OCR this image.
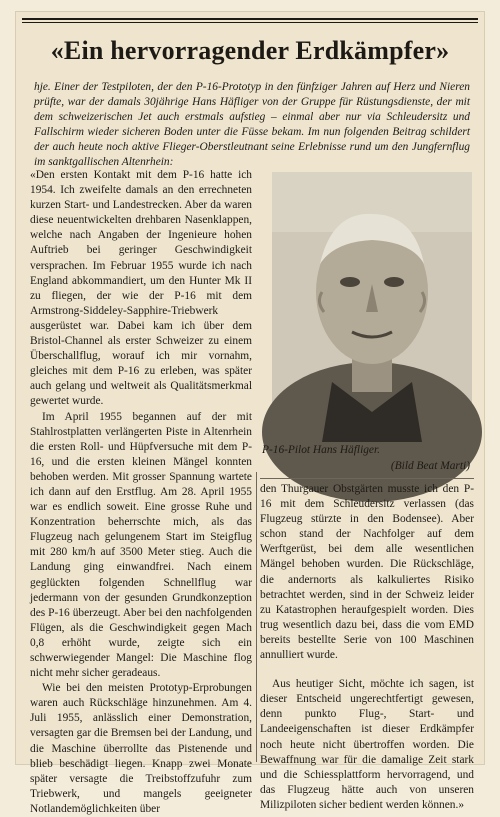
«Ein hervorragender Erdkämpfer»

hje. Einer der Testpiloten, der den P-16-Prototyp in den fünfziger Jahren auf Herz und Nieren prüfte, war der damals 30jährige Hans Häfliger von der Gruppe für Rüstungsdienste, der mit dem schweizerischen Jet auch erstmals aufstieg – einmal aber nur via Schleudersitz und Fallschirm wieder sicheren Boden unter die Füsse bekam. Im nun folgenden Beitrag schildert der auch heute noch aktive Flieger-Oberstleutnant seine Erlebnisse rund um den Jungfernflug im sanktgallischen Altenrhein:

«Den ersten Kontakt mit dem P-16 hatte ich 1954. Ich zweifelte damals an den errechneten kurzen Start- und Landestrecken. Aber da waren diese neuentwickelten drehbaren Nasenklappen, welche nach Angaben der Ingenieure hohen Auftrieb bei geringer Geschwindigkeit versprachen. Im Februar 1955 wurde ich nach England abkommandiert, um den Hunter Mk II zu fliegen, der wie der P-16 mit dem Armstrong-Siddeley-Sapphire-Triebwerk ausgerüstet war. Dabei kam ich über dem Bristol-Channel als erster Schweizer zu einem Überschallflug, worauf ich mir vornahm, gleiches mit dem P-16 zu erleben, was später auch gelang und weltweit als Qualitätsmerkmal gewertet wurde.

Im April 1955 begannen auf der mit Stahlrostplatten verlängerten Piste in Altenrhein die ersten Roll- und Hüpfversuche mit dem P-16, und die ersten kleinen Mängel konnten behoben werden. Mit grosser Spannung wartete ich dann auf den Erstflug. Am 28. April 1955 war es endlich soweit. Eine grosse Ruhe und Konzentration beherrschte mich, als das Flugzeug nach gelungenem Start im Steigflug mit 280 km/h auf 3500 Meter stieg. Auch die Landung ging einwandfrei. Nach einem geglückten folgenden Schnellflug war jedermann von der gesunden Grundkonzeption des P-16 überzeugt. Aber bei den nachfolgenden Flügen, als die Geschwindigkeit gegen Mach 0,8 erhöht wurde, zeigte sich ein schwerwiegender Mangel: Die Maschine flog nicht mehr sicher geradeaus.

Wie bei den meisten Prototyp-Erprobungen waren auch Rückschläge hinzunehmen. Am 4. Juli 1955, anlässlich einer Demonstration, versagten gar die Bremsen bei der Landung, und die Maschine überrollte das Pistenende und blieb beschädigt liegen. Knapp zwei Monate später versagte die Treibstoffzufuhr zum Triebwerk, und mangels geeigneter Notlandemöglichkeiten über

P-16-Pilot Hans Häfliger.
(Bild Beat Marti)

den Thurgauer Obstgärten musste ich den P-16 mit dem Schleudersitz verlassen (das Flugzeug stürzte in den Bodensee). Aber schon stand der Nachfolger auf dem Werftgerüst, bei dem alle wesentlichen Mängel behoben wurden. Die Rückschläge, die andernorts als kalkuliertes Risiko betrachtet werden, sind in der Schweiz leider zu Katastrophen heraufgespielt worden. Dies trug wesentlich dazu bei, dass die vom EMD bereits bestellte Serie von 100 Maschinen annulliert wurde.

Aus heutiger Sicht, möchte ich sagen, ist dieser Entscheid ungerechtfertigt gewesen, denn punkto Flug-, Start- und Landeeigenschaften ist dieser Erdkämpfer noch heute nicht übertroffen worden. Die Bewaffnung war für die damalige Zeit stark und die Schiessplattform hervorragend, und das Flugzeug hätte auch von unseren Milizpiloten sicher bedient werden können.»
